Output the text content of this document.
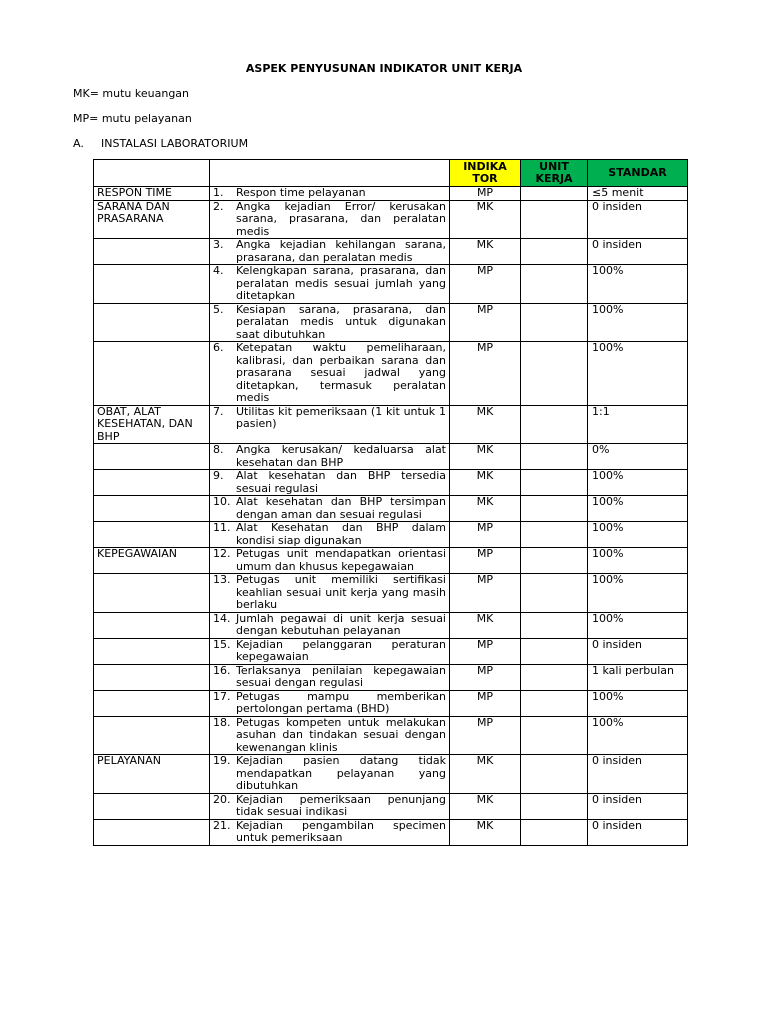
ASPEK PENYUSUNAN INDIKATOR UNIT KERJA
MK= mutu keuangan
MP= mutu pelayanan
A. INSTALASI LABORATORIUM
		INDIKA TOR	UNIT KERJA	STANDAR
RESPON TIME	1. Respon time pelayanan	MP		≤5 menit
SARANA DAN PRASARANA	2. Angka kejadian Error/ kerusakan sarana, prasarana, dan peralatan medis	MK		0 insiden

	3. Angka kejadian kehilangan sarana, prasarana, dan peralatan medis	MK		0 insiden

	4. Kelengkapan sarana, prasarana, dan peralatan medis sesuai jumlah yang ditetapkan	MP		100%

	5. Kesiapan sarana, prasarana, dan peralatan medis untuk digunakan saat dibutuhkan	MP		100%

	6. Ketepatan waktu pemeliharaan, kalibrasi, dan perbaikan sarana dan prasarana sesuai jadwal yang ditetapkan, termasuk peralatan medis	MP		100%
OBAT, ALAT KESEHATAN, DAN BHP	7. Utilitas kit pemeriksaan (1 kit untuk 1 pasien)	MK		1:1

	8. Angka kerusakan/ kedaluarsa alat kesehatan dan BHP	MK		0%

	9. Alat kesehatan dan BHP tersedia sesuai regulasi	MK		100%

	10. Alat kesehatan dan BHP tersimpan dengan aman dan sesuai regulasi	MK		100%

	11. Alat Kesehatan dan BHP dalam kondisi siap digunakan	MP		100%
KEPEGAWAIAN	12. Petugas unit mendapatkan orientasi umum dan khusus kepegawaian	MP		100%

	13. Petugas unit memiliki sertifikasi keahlian sesuai unit kerja yang masih berlaku	MP		100%

	14. Jumlah pegawai di unit kerja sesuai dengan kebutuhan pelayanan	MK		100%

	15. Kejadian pelanggaran peraturan kepegawaian	MP		0 insiden

	16. Terlaksanya penilaian kepegawaian sesuai dengan regulasi	MP		1 kali perbulan

	17. Petugas mampu memberikan pertolongan pertama (BHD)	MP		100%

	18. Petugas kompeten untuk melakukan asuhan dan tindakan sesuai dengan kewenangan klinis	MP		100%
PELAYANAN	19. Kejadian pasien datang tidak mendapatkan pelayanan yang dibutuhkan	MK		0 insiden

	20. Kejadian pemeriksaan penunjang tidak sesuai indikasi	MK		0 insiden

	21. Kejadian pengambilan specimen untuk pemeriksaan	MK		0 insiden
